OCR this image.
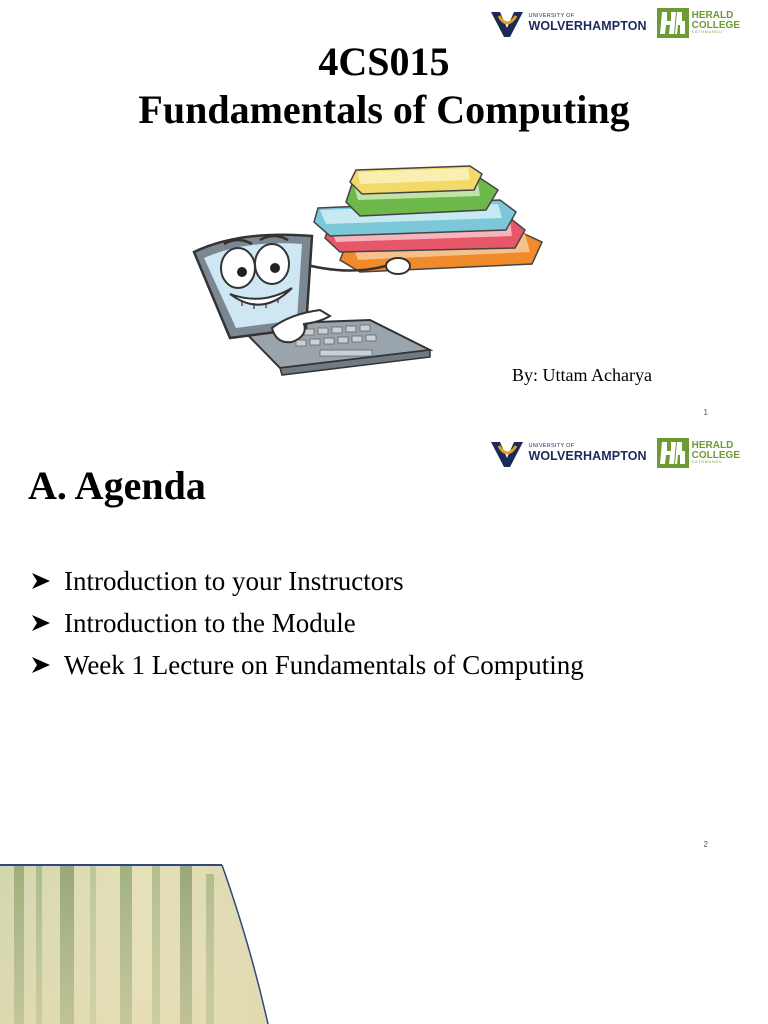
UNIVERSITY OF
WOLVERHAMPTON
HERALD
COLLEGE
KATHMANDU
4CS015
Fundamentals of Computing
By: Uttam Acharya
1
UNIVERSITY OF
WOLVERHAMPTON
HERALD
COLLEGE
KATHMANDU
A. Agenda
Introduction to your Instructors
Introduction to the Module
Week 1 Lecture on Fundamentals of Computing
2
